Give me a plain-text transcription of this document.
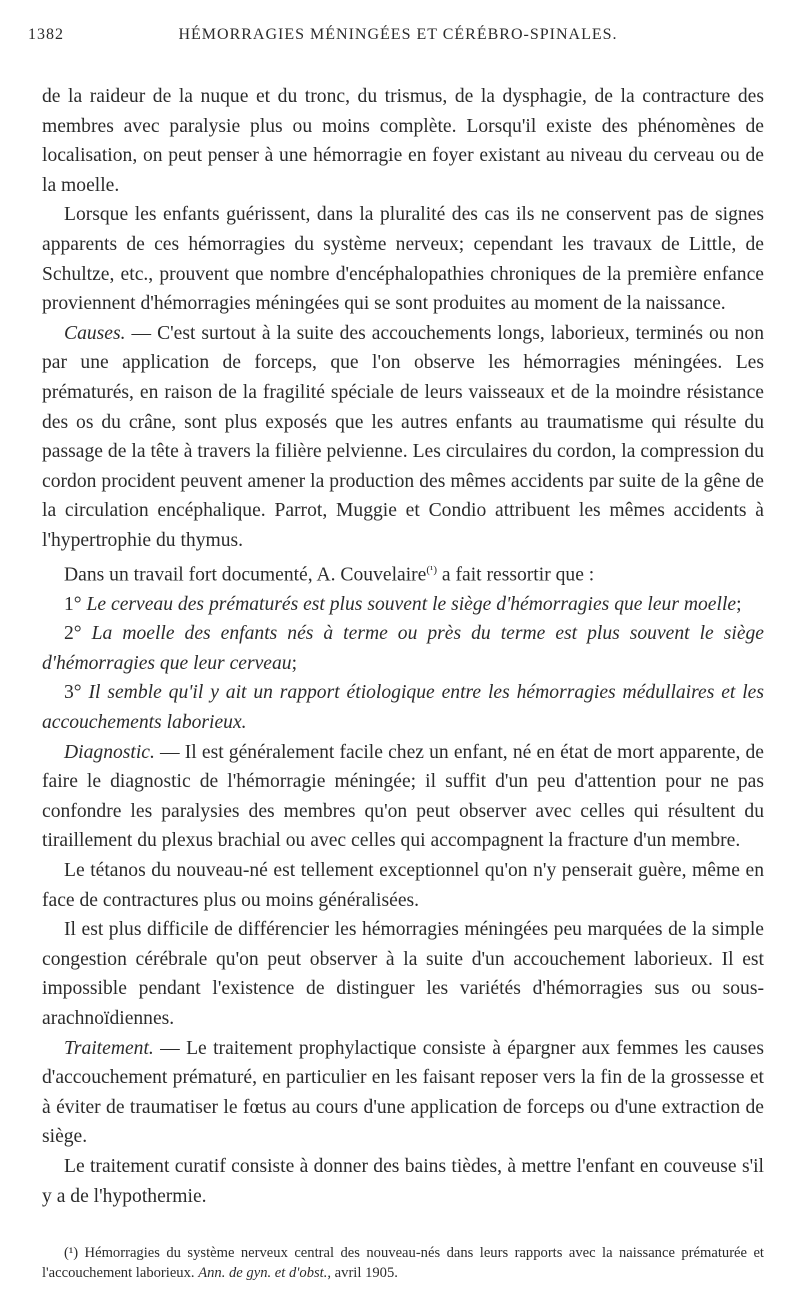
1382	HÉMORRAGIES MÉNINGÉES ET CÉRÉBRO-SPINALES.

de la raideur de la nuque et du tronc, du trismus, de la dysphagie, de la contracture des membres avec paralysie plus ou moins complète. Lorsqu'il existe des phénomènes de localisation, on peut penser à une hémorragie en foyer existant au niveau du cerveau ou de la moelle.

Lorsque les enfants guérissent, dans la pluralité des cas ils ne conservent pas de signes apparents de ces hémorragies du système nerveux; cependant les travaux de Little, de Schultze, etc., prouvent que nombre d'encéphalopathies chroniques de la première enfance proviennent d'hémorragies méningées qui se sont produites au moment de la naissance.

Causes. — C'est surtout à la suite des accouchements longs, laborieux, terminés ou non par une application de forceps, que l'on observe les hémorragies méningées. Les prématurés, en raison de la fragilité spéciale de leurs vaisseaux et de la moindre résistance des os du crâne, sont plus exposés que les autres enfants au traumatisme qui résulte du passage de la tête à travers la filière pelvienne. Les circulaires du cordon, la compression du cordon procident peuvent amener la production des mêmes accidents par suite de la gêne de la circulation encéphalique. Parrot, Muggie et Condio attribuent les mêmes accidents à l'hypertrophie du thymus.

Dans un travail fort documenté, A. Couvelaire$^{(^1)}$ a fait ressortir que :

1° Le cerveau des prématurés est plus souvent le siège d'hémorragies que leur moelle;

2° La moelle des enfants nés à terme ou près du terme est plus souvent le siège d'hémorragies que leur cerveau;

3° Il semble qu'il y ait un rapport étiologique entre les hémorragies médullaires et les accouchements laborieux.

Diagnostic. — Il est généralement facile chez un enfant, né en état de mort apparente, de faire le diagnostic de l'hémorragie méningée; il suffit d'un peu d'attention pour ne pas confondre les paralysies des membres qu'on peut observer avec celles qui résultent du tiraillement du plexus brachial ou avec celles qui accompagnent la fracture d'un membre.

Le tétanos du nouveau-né est tellement exceptionnel qu'on n'y penserait guère, même en face de contractures plus ou moins généralisées.

Il est plus difficile de différencier les hémorragies méningées peu marquées de la simple congestion cérébrale qu'on peut observer à la suite d'un accouchement laborieux. Il est impossible pendant l'existence de distinguer les variétés d'hémorragies sus ou sous-arachnoïdiennes.

Traitement. — Le traitement prophylactique consiste à épargner aux femmes les causes d'accouchement prématuré, en particulier en les faisant reposer vers la fin de la grossesse et à éviter de traumatiser le fœtus au cours d'une application de forceps ou d'une extraction de siège.

Le traitement curatif consiste à donner des bains tièdes, à mettre l'enfant en couveuse s'il y a de l'hypothermie.

(¹) Hémorragies du système nerveux central des nouveau-nés dans leurs rapports avec la naissance prématurée et l'accouchement laborieux. Ann. de gyn. et d'obst., avril 1905.
